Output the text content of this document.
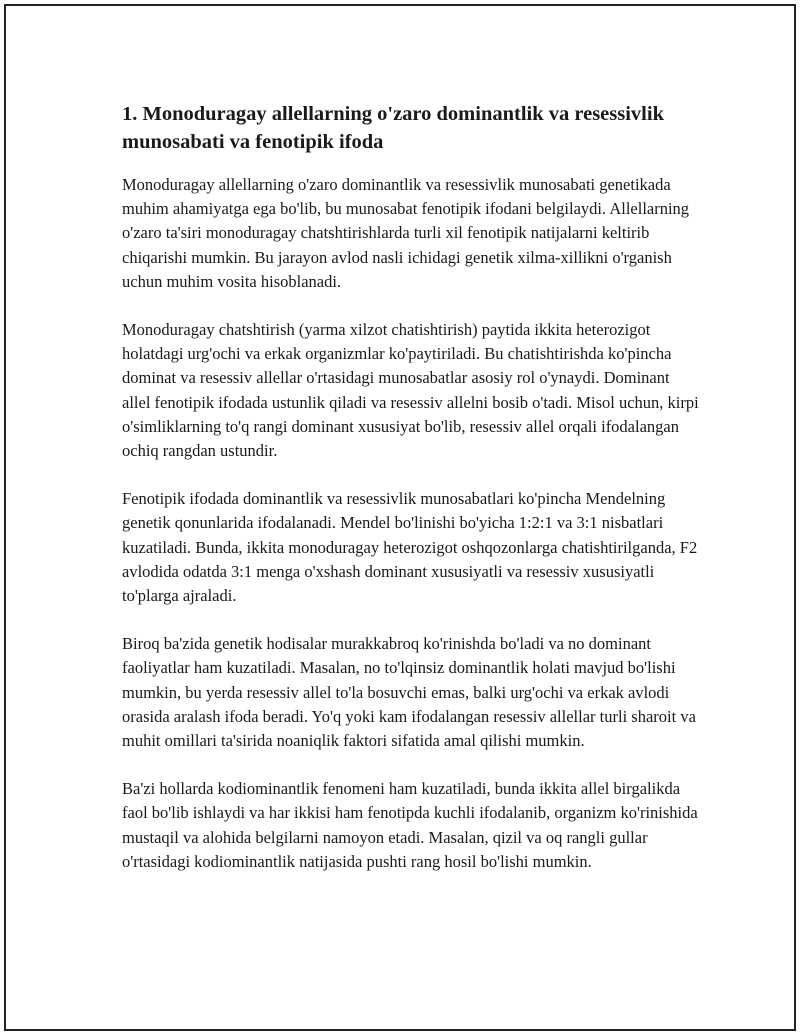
1. Monoduragay allellarning o'zaro dominantlik va resessivlik munosabati va fenotipik ifoda

Monoduragay allellarning o'zaro dominantlik va resessivlik munosabati genetikada muhim ahamiyatga ega bo'lib, bu munosabat fenotipik ifodani belgilaydi. Allellarning o'zaro ta'siri monoduragay chatshtirishlarda turli xil fenotipik natijalarni keltirib chiqarishi mumkin. Bu jarayon avlod nasli ichidagi genetik xilma-xillikni o'rganish uchun muhim vosita hisoblanadi.

Monoduragay chatshtirish (yarma xilzot chatishtirish) paytida ikkita heterozigot holatdagi urg'ochi va erkak organizmlar ko'paytiriladi. Bu chatishtirishda ko'pincha dominat va resessiv allellar o'rtasidagi munosabatlar asosiy rol o'ynaydi. Dominant allel fenotipik ifodada ustunlik qiladi va resessiv allelni bosib o'tadi. Misol uchun, kirpi o'simliklarning to'q rangi dominant xususiyat bo'lib, resessiv allel orqali ifodalangan ochiq rangdan ustundir.

Fenotipik ifodada dominantlik va resessivlik munosabatlari ko'pincha Mendelning genetik qonunlarida ifodalanadi. Mendel bo'linishi bo'yicha 1:2:1 va 3:1 nisbatlari kuzatiladi. Bunda, ikkita monoduragay heterozigot oshqozonlarga chatishtirilganda, F2 avlodida odatda 3:1 menga o'xshash dominant xususiyatli va resessiv xususiyatli to'plarga ajraladi.

Biroq ba'zida genetik hodisalar murakkabroq ko'rinishda bo'ladi va no dominant faoliyatlar ham kuzatiladi. Masalan, no to'lqinsiz dominantlik holati mavjud bo'lishi mumkin, bu yerda resessiv allel to'la bosuvchi emas, balki urg'ochi va erkak avlodi orasida aralash ifoda beradi. Yo'q yoki kam ifodalangan resessiv allellar turli sharoit va muhit omillari ta'sirida noaniqlik faktori sifatida amal qilishi mumkin.

Ba'zi hollarda kodiominantlik fenomeni ham kuzatiladi, bunda ikkita allel birgalikda faol bo'lib ishlaydi va har ikkisi ham fenotipda kuchli ifodalanib, organizm ko'rinishida mustaqil va alohida belgilarni namoyon etadi. Masalan, qizil va oq rangli gullar o'rtasidagi kodiominantlik natijasida pushti rang hosil bo'lishi mumkin.
